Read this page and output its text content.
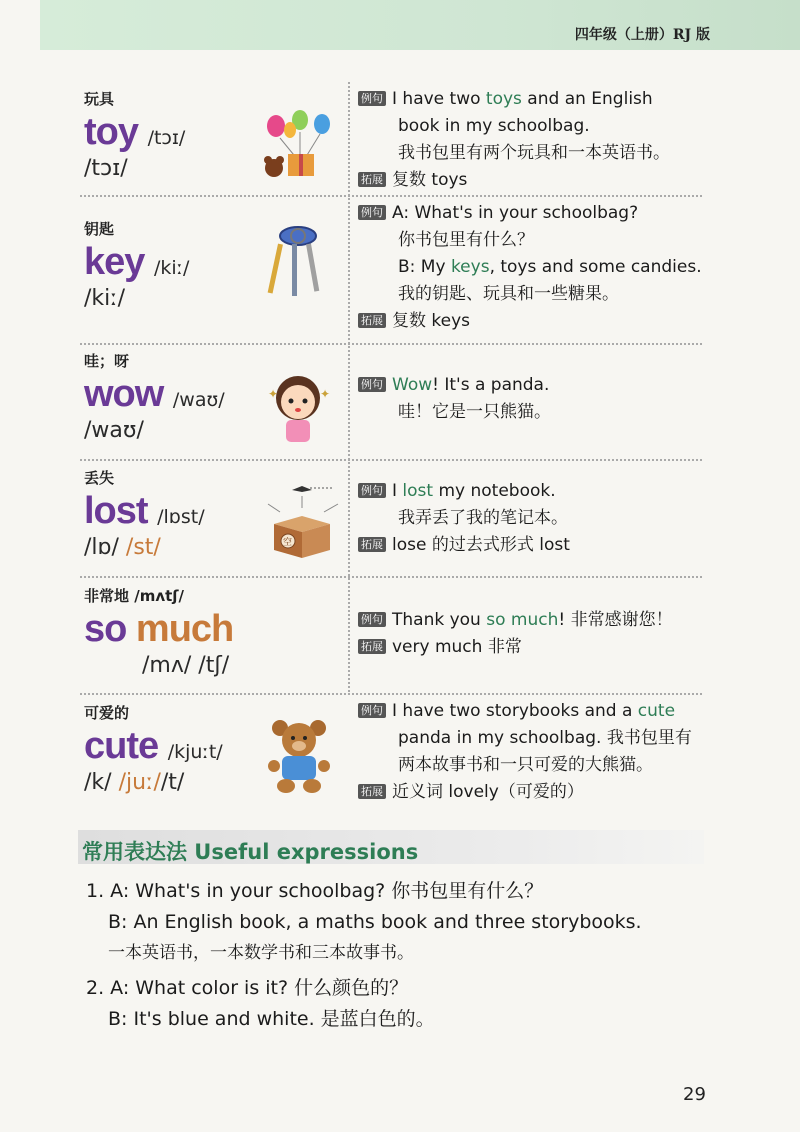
四年级（上册）RJ 版
玩具
toy /tɔɪ/
/tɔɪ/
例句 I have two toys and an English
book in my schoolbag.
我书包里有两个玩具和一本英语书。
拓展 复数 toys
钥匙
key /kiː/
/kiː/
例句 A: What's in your schoolbag?
你书包里有什么？
B: My keys, toys and some candies.
我的钥匙、玩具和一些糖果。
拓展 复数 keys
哇；呀
wow /waʊ/
/waʊ/
✦	✦
例句 Wow! It's a panda.
哇！它是一只熊猫。
丢失
lost /lɒst/
/lɒ/ /st/	空
例句 I lost my notebook.
我弄丢了我的笔记本。
拓展 lose 的过去式形式 lost
非常地 /mʌtʃ/
so much
/mʌ/ /tʃ/
例句 Thank you so much! 非常感谢您！
拓展 very much 非常
可爱的
cute /kjuːt/
/k/ /juː//t/
例句 I have two storybooks and a cute
panda in my schoolbag. 我书包里有
两本故事书和一只可爱的大熊猫。
拓展 近义词 lovely（可爱的）
常用表达法 Useful expressions
1. A: What's in your schoolbag? 你书包里有什么？
B: An English book, a maths book and three storybooks.
一本英语书，一本数学书和三本故事书。
2. A: What color is it? 什么颜色的？
B: It's blue and white. 是蓝白色的。
29
